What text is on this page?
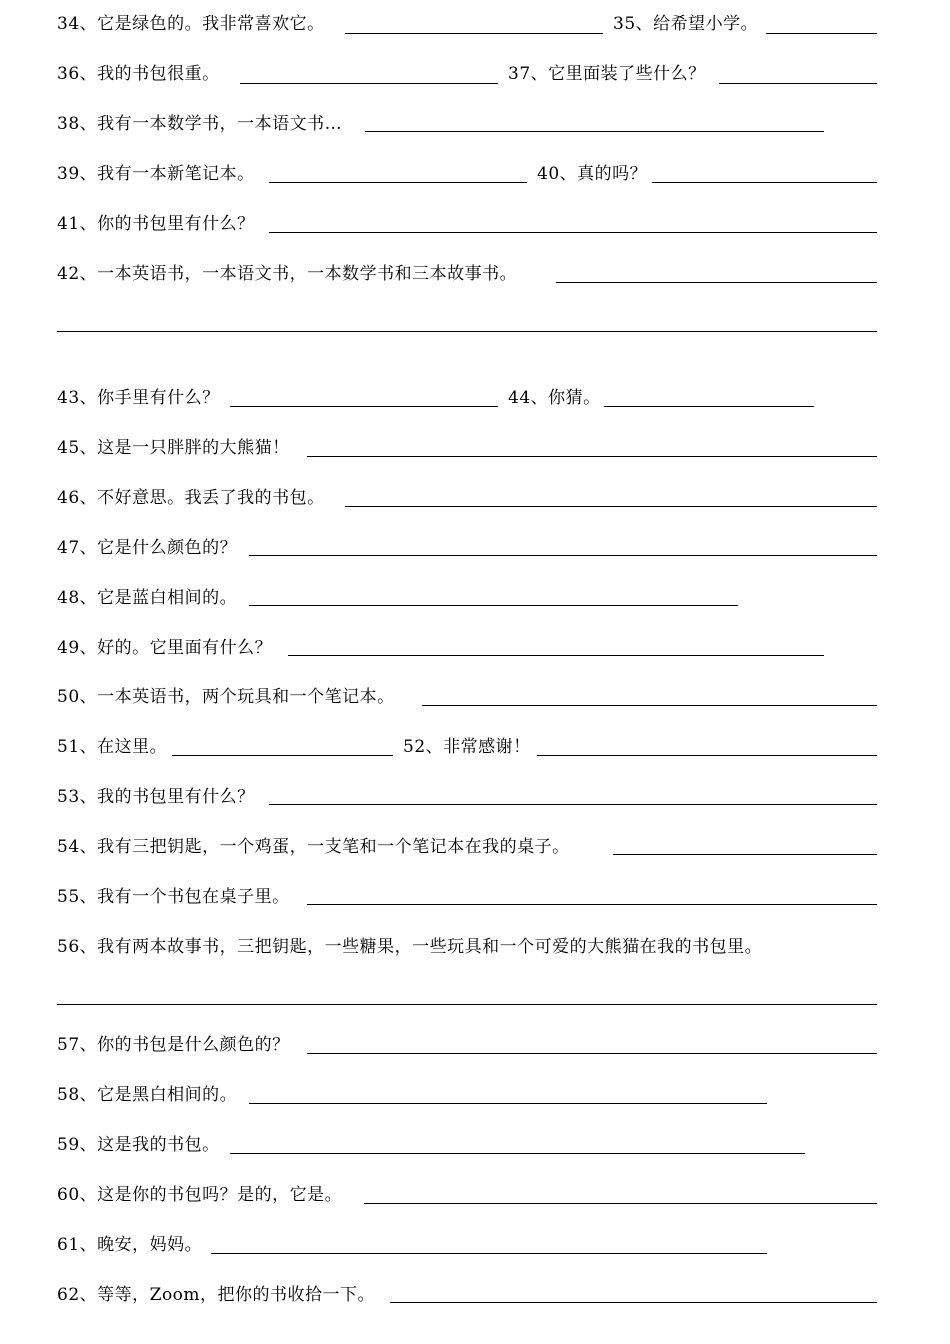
34、它是绿色的。我非常喜欢它。	35、给希望小学。
36、我的书包很重。	37、它里面装了些什么？
38、我有一本数学书，一本语文书…
39、我有一本新笔记本。	40、真的吗？
41、你的书包里有什么？
42、一本英语书，一本语文书，一本数学书和三本故事书。
43、你手里有什么？	44、你猜。
45、这是一只胖胖的大熊猫！
46、不好意思。我丢了我的书包。
47、它是什么颜色的？
48、它是蓝白相间的。
49、好的。它里面有什么？
50、一本英语书，两个玩具和一个笔记本。
51、在这里。	52、非常感谢！
53、我的书包里有什么？
54、我有三把钥匙，一个鸡蛋，一支笔和一个笔记本在我的桌子。
55、我有一个书包在桌子里。
56、我有两本故事书，三把钥匙，一些糖果，一些玩具和一个可爱的大熊猫在我的书包里。
57、你的书包是什么颜色的？
58、它是黑白相间的。
59、这是我的书包。
60、这是你的书包吗？是的，它是。
61、晚安，妈妈。
62、等等，Zoom，把你的书收拾一下。
